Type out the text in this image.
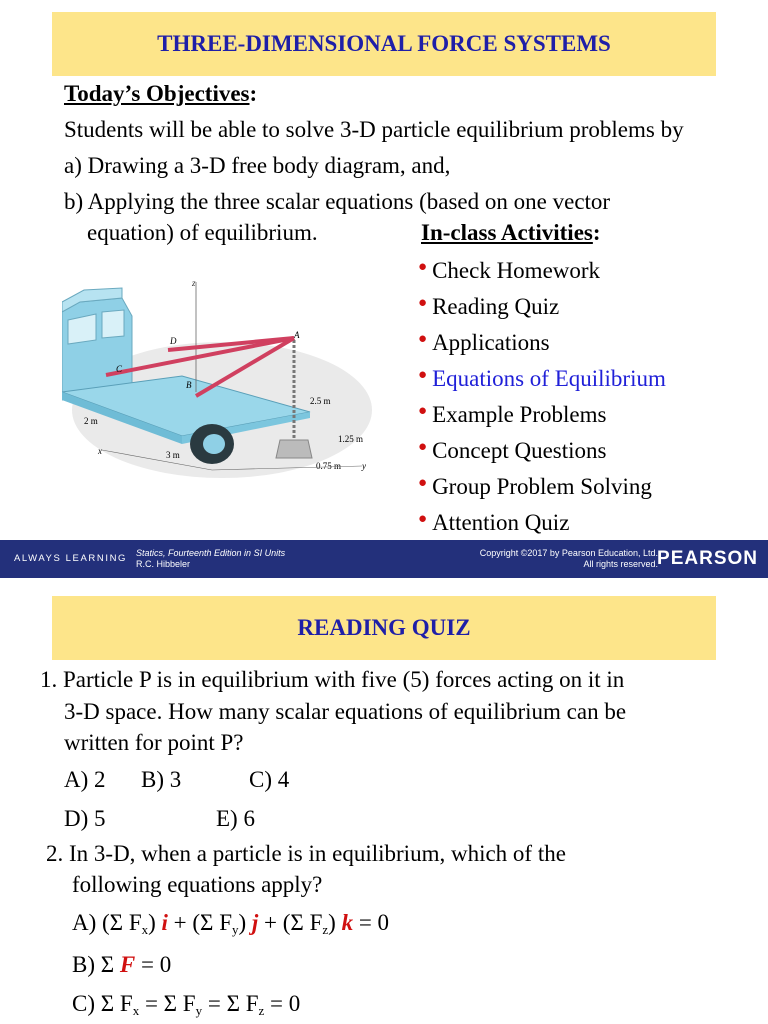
THREE-DIMENSIONAL FORCE SYSTEMS
Today’s Objectives:
Students will be able to solve 3-D particle equilibrium problems by
a) Drawing a 3-D free body diagram, and,
b) Applying the three scalar equations (based on one vector
equation) of equilibrium.	In-class Activities:
● Check Homework
● Reading Quiz
● Applications
● Equations of Equilibrium
● Example Problems
● Concept Questions
● Group Problem Solving
● Attention Quiz
z
A
C
D
B
2 m
3 m
2.5 m
1.25 m
0.75 m
x
y
ALWAYS LEARNING Statics, Fourteenth Edition in SI Units
R.C. Hibbeler
Copyright ©2017 by Pearson Education, Ltd.
All rights reserved. PEARSON
READING QUIZ
1. Particle P is in equilibrium with five (5) forces acting on it in
3-D space. How many scalar equations of equilibrium can be
written for point P?
A) 2 B) 3	C) 4
D) 5	E) 6
2. In 3-D, when a particle is in equilibrium, which of the
following equations apply?
A) (Σ $F_x$) i + (Σ $F_y$) j + (Σ $F_z$) k = 0
B) Σ F = 0
C) Σ $F_x = \Sigma$ $F_y = \Sigma$ $F_z = 0$
